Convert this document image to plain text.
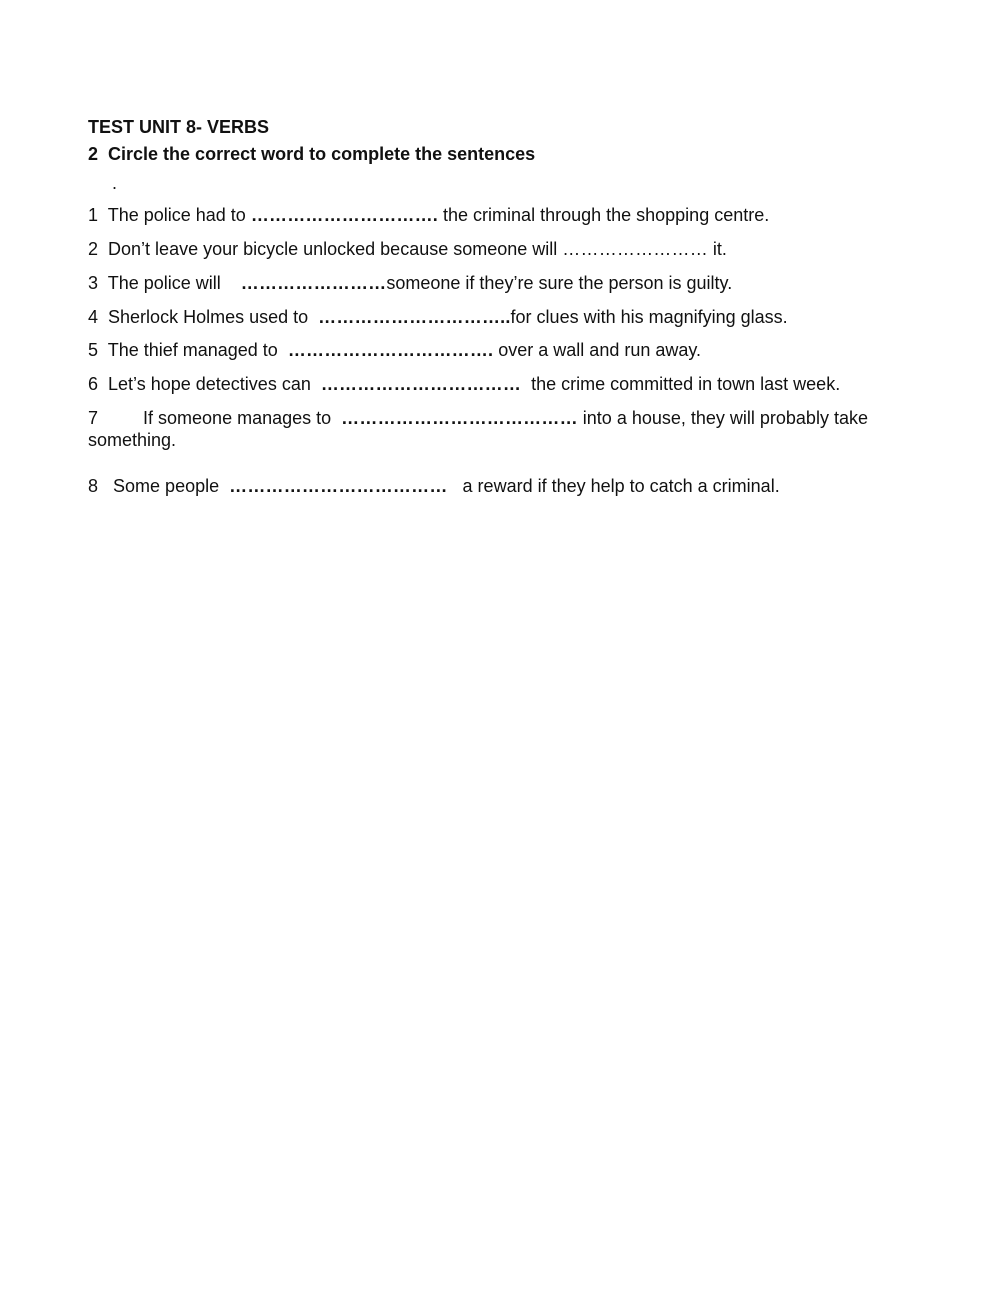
TEST UNIT 8- VERBS
2 Circle the correct word to complete the sentences
.
1 The police had to …………………………. the criminal through the shopping centre.
2 Don’t leave your bicycle unlocked because someone will …………………… it.
3 The police will ……………………someone if they’re sure the person is guilty.
4 Sherlock Holmes used to …………………………..for clues with his magnifying glass.
5 The thief managed to ……………………………. over a wall and run away.
6 Let’s hope detectives can …………………………… the crime committed in town last week.
7	If someone manages to ………………………………… into a house, they will probably take something.
8 Some people ……………………………… a reward if they help to catch a criminal.
